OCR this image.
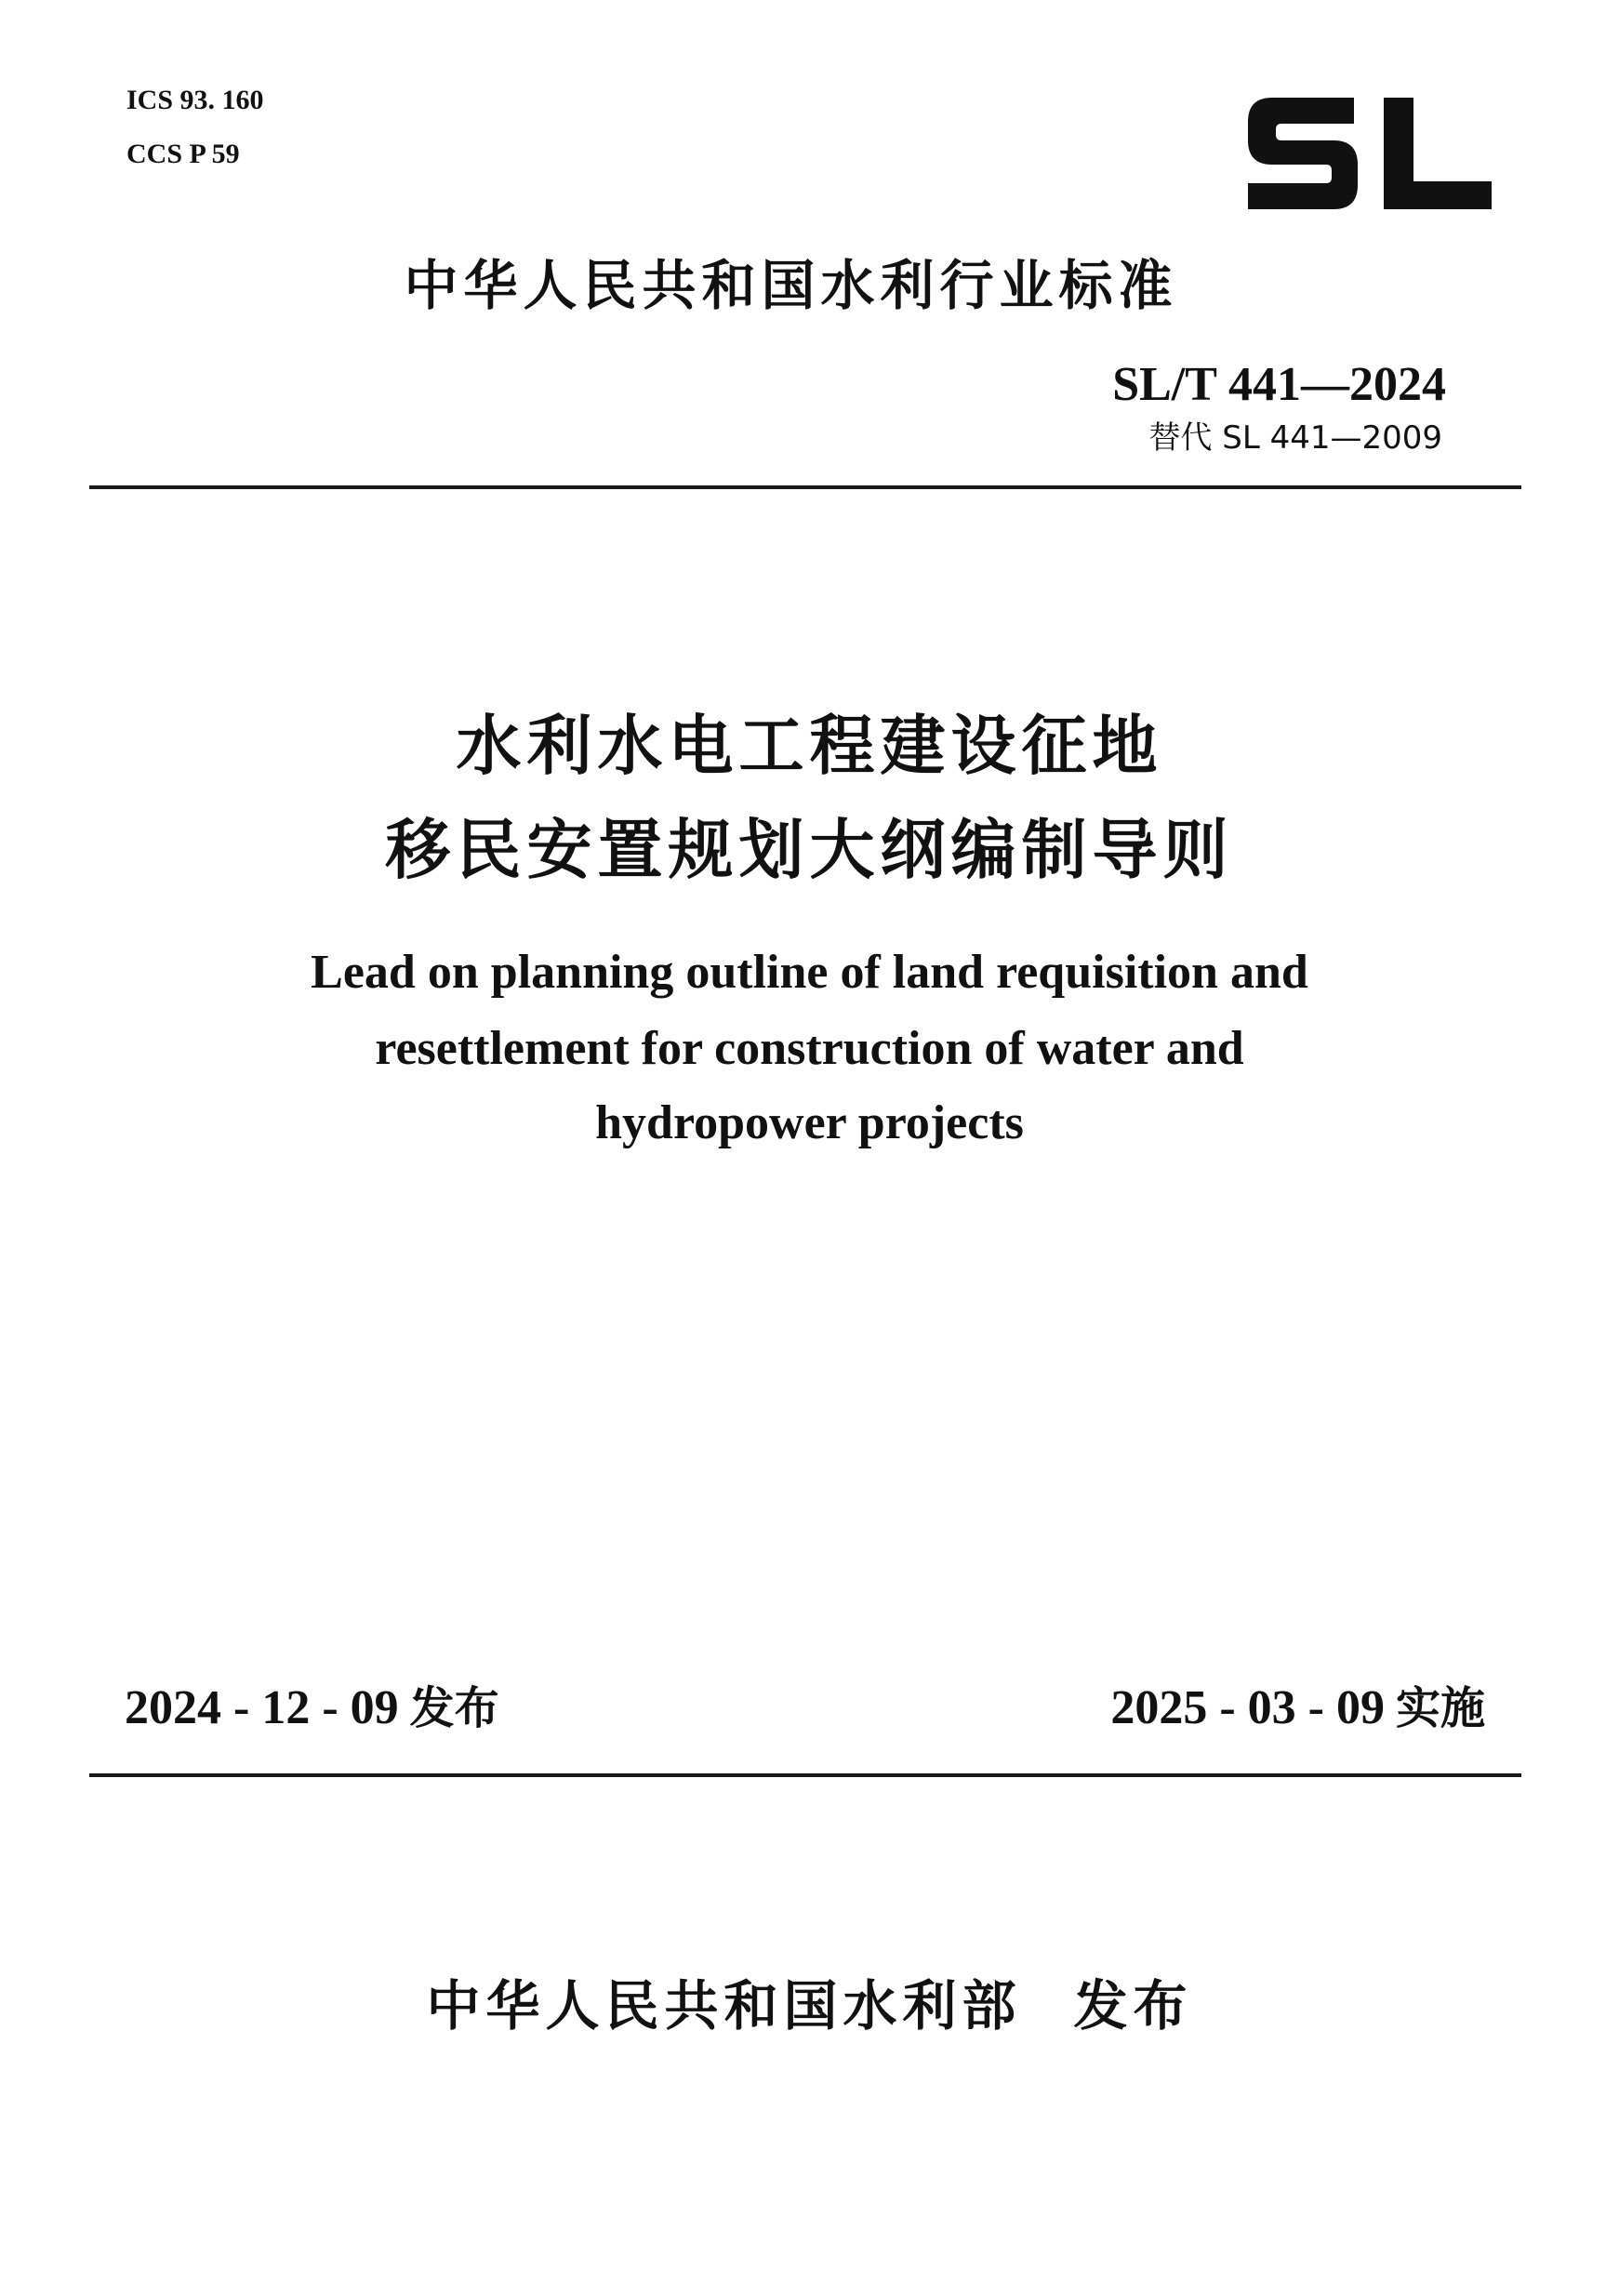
ICS 93. 160
CCS P 59
中华人民共和国水利行业标准
SL/T 441—2024
替代 SL 441—2009
水利水电工程建设征地
移民安置规划大纲编制导则
Lead on planning outline of land requisition and
resettlement for construction of water and
hydropower projects
2024 - 12 - 09 发布	2025 - 03 - 09 实施
中华人民共和国水利部 发布
